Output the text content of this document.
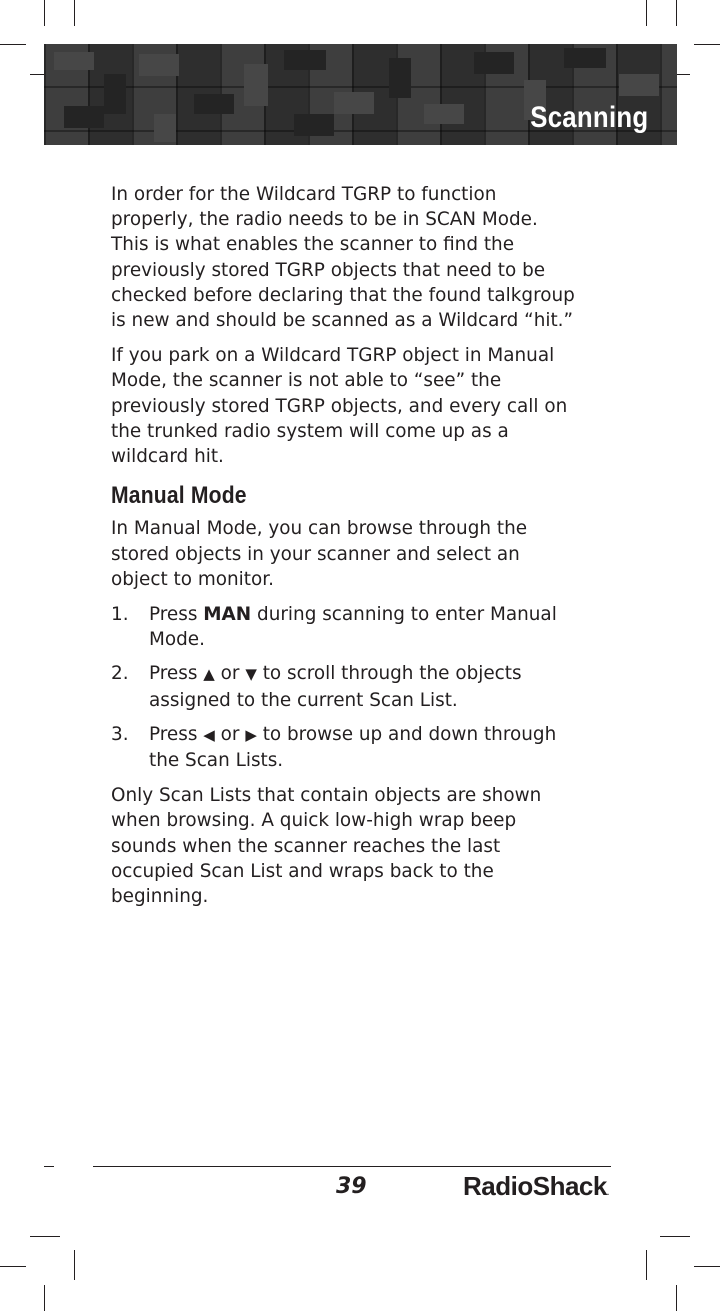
Scanning

In order for the Wildcard TGRP to function properly, the radio needs to be in SCAN Mode. This is what enables the scanner to find the previously stored TGRP objects that need to be checked before declaring that the found talkgroup is new and should be scanned as a Wildcard “hit.”

If you park on a Wildcard TGRP object in Manual Mode, the scanner is not able to “see” the previously stored TGRP objects, and every call on the trunked radio system will come up as a wildcard hit.

Manual Mode

In Manual Mode, you can browse through the stored objects in your scanner and select an object to monitor.

1. Press MAN during scanning to enter Manual Mode.
2. Press ▲ or ▼ to scroll through the objects assigned to the current Scan List.
3. Press ◀ or ▶ to browse up and down through the Scan Lists.

Only Scan Lists that contain objects are shown when browsing. A quick low-high wrap beep sounds when the scanner reaches the last occupied Scan List and wraps back to the beginning.

39	RadioShack.
